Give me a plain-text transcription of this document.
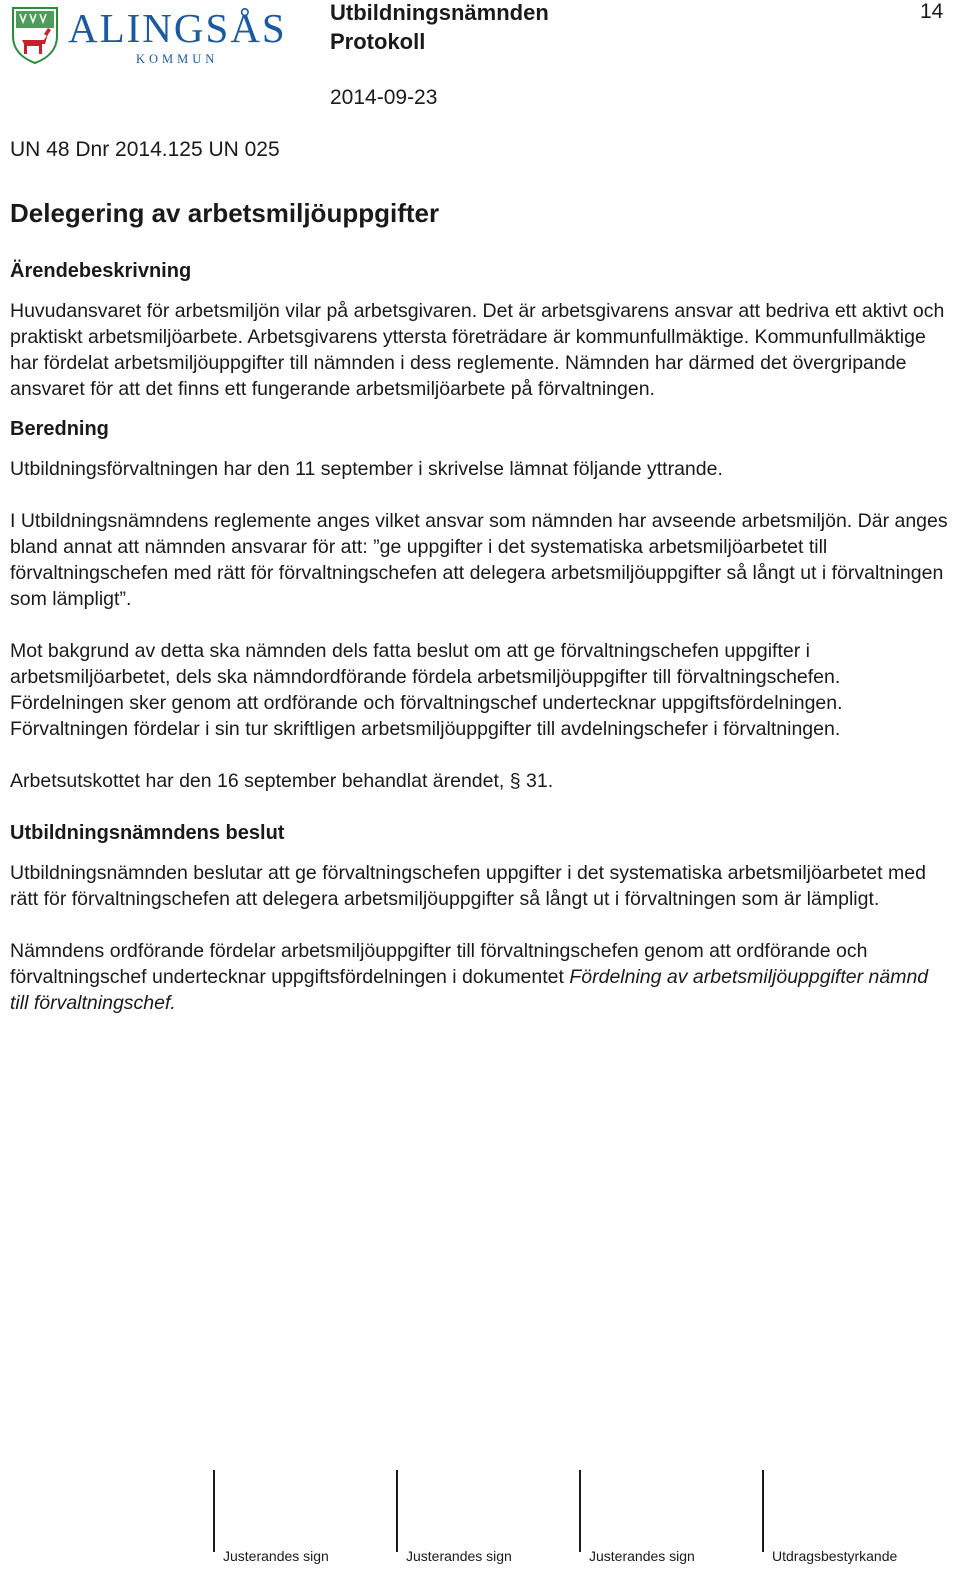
ALINGSÅS
KOMMUN
Utbildningsnämnden
Protokoll
2014-09-23
14
UN 48 Dnr 2014.125 UN 025
Delegering av arbetsmiljöuppgifter
Ärendebeskrivning

Huvudansvaret för arbetsmiljön vilar på arbetsgivaren. Det är arbetsgivarens ansvar att bedriva ett aktivt och praktiskt arbetsmiljöarbete. Arbetsgivarens yttersta företrädare är kommunfullmäktige. Kommunfullmäktige har fördelat arbetsmiljöuppgifter till nämnden i dess reglemente. Nämnden har därmed det övergripande ansvaret för att det finns ett fungerande arbetsmiljöarbete på förvaltningen.

Beredning

Utbildningsförvaltningen har den 11 september i skrivelse lämnat följande yttrande.

I Utbildningsnämndens reglemente anges vilket ansvar som nämnden har avseende arbetsmiljön. Där anges bland annat att nämnden ansvarar för att: ”ge uppgifter i det systematiska arbetsmiljöarbetet till förvaltningschefen med rätt för förvaltningschefen att delegera arbetsmiljöuppgifter så långt ut i förvaltningen som lämpligt”.

Mot bakgrund av detta ska nämnden dels fatta beslut om att ge förvaltningschefen uppgifter i arbetsmiljöarbetet, dels ska nämndordförande fördela arbetsmiljöuppgifter till förvaltningschefen. Fördelningen sker genom att ordförande och förvaltningschef undertecknar uppgiftsfördelningen. Förvaltningen fördelar i sin tur skriftligen arbetsmiljöuppgifter till avdelningschefer i förvaltningen.

Arbetsutskottet har den 16 september behandlat ärendet, § 31.

Utbildningsnämndens beslut

Utbildningsnämnden beslutar att ge förvaltningschefen uppgifter i det systematiska arbetsmiljöarbetet med rätt för förvaltningschefen att delegera arbetsmiljöuppgifter så långt ut i förvaltningen som är lämpligt.

Nämndens ordförande fördelar arbetsmiljöuppgifter till förvaltningschefen genom att ordförande och förvaltningschef undertecknar uppgiftsfördelningen i dokumentet Fördelning av arbetsmiljöuppgifter nämnd till förvaltningschef.

Justerandes sign	Justerandes sign	Justerandes sign	Utdragsbestyrkande
